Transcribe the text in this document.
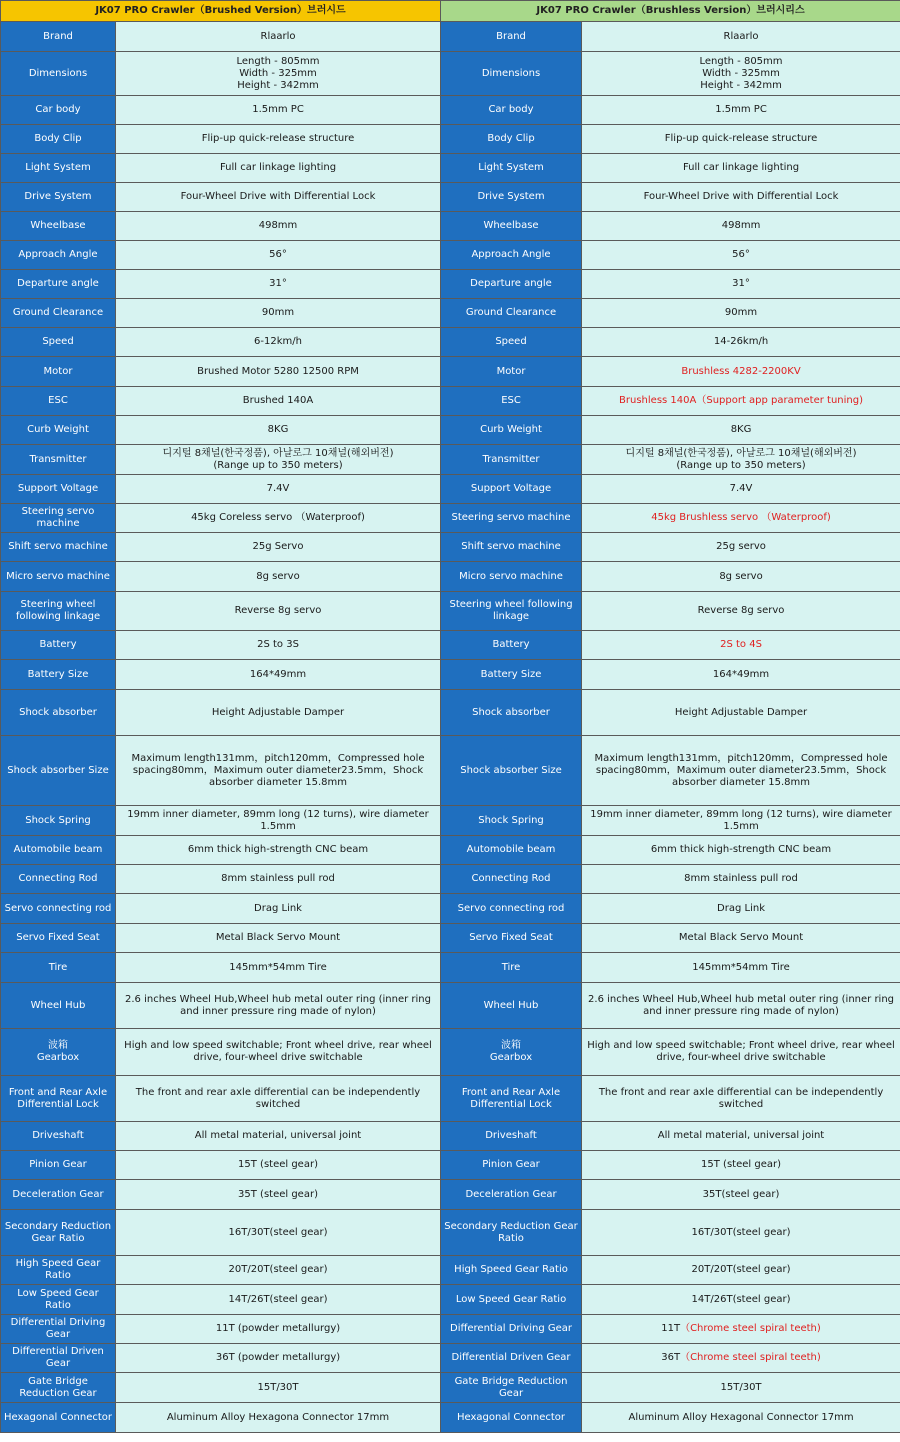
JK07 PRO Crawler（Brushed Version）브러시드		JK07 PRO Crawler（Brushless Version）브러시리스	

Brand	Rlaarlo	Brand	Rlaarlo

Dimensions	Length - 805mm
Width - 325mm
Height - 342mm	Dimensions	Length - 805mm
Width - 325mm
Height - 342mm

Car body	1.5mm PC	Car body	1.5mm PC

Body Clip	Flip-up quick-release structure	Body Clip	Flip-up quick-release structure

Light System	Full car linkage lighting	Light System	Full car linkage lighting

Drive System	Four-Wheel Drive with Differential Lock	Drive System	Four-Wheel Drive with Differential Lock

Wheelbase	498mm	Wheelbase	498mm

Approach Angle	56°	Approach Angle	56°

Departure angle	31°	Departure angle	31°

Ground Clearance	90mm	Ground Clearance	90mm

Speed	6-12km/h	Speed	14-26km/h

Motor	Brushed Motor 5280 12500 RPM	Motor	Brushless 4282-2200KV

ESC	Brushed 140A	ESC	Brushless 140A（Support app parameter tuning)

Curb Weight	8KG	Curb Weight	8KG

Transmitter	디지털 8채널(한국정품), 아날로그 10채널(해외버전)
(Range up to 350 meters)	Transmitter	디지털 8채널(한국정품), 아날로그 10채널(해외버전)
(Range up to 350 meters)

Support Voltage	7.4V	Support Voltage	7.4V

Steering servo machine	45kg Coreless servo （Waterproof)	Steering servo machine	45kg Brushless servo （Waterproof)

Shift servo machine	25g Servo	Shift servo machine	25g servo

Micro servo machine	8g servo	Micro servo machine	8g servo

Steering wheel following linkage	Reverse 8g servo	Steering wheel following linkage	Reverse 8g servo

Battery	2S to 3S	Battery	2S to 4S

Battery Size	164*49mm	Battery Size	164*49mm

Shock absorber	Height Adjustable Damper	Shock absorber	Height Adjustable Damper

Shock absorber Size	Maximum length131mm，pitch120mm，Compressed hole spacing80mm，Maximum outer diameter23.5mm，Shock absorber diameter 15.8mm	Shock absorber Size	Maximum length131mm，pitch120mm，Compressed hole spacing80mm，Maximum outer diameter23.5mm，Shock absorber diameter 15.8mm

Shock Spring	19mm inner diameter, 89mm long (12 turns), wire diameter 1.5mm	Shock Spring	19mm inner diameter, 89mm long (12 turns), wire diameter 1.5mm

Automobile beam	6mm thick high-strength CNC beam	Automobile beam	6mm thick high-strength CNC beam

Connecting Rod	8mm stainless pull rod	Connecting Rod	8mm stainless pull rod

Servo connecting rod	Drag Link	Servo connecting rod	Drag Link

Servo Fixed Seat	Metal Black Servo Mount	Servo Fixed Seat	Metal Black Servo Mount

Tire	145mm*54mm Tire	Tire	145mm*54mm Tire

Wheel Hub	2.6 inches Wheel Hub,Wheel hub metal outer ring (inner ring and inner pressure ring made of nylon)	Wheel Hub	2.6 inches Wheel Hub,Wheel hub metal outer ring (inner ring and inner pressure ring made of nylon)

波箱
Gearbox	High and low speed switchable; Front wheel drive, rear wheel drive, four-wheel drive switchable	波箱
Gearbox	High and low speed switchable; Front wheel drive, rear wheel drive, four-wheel drive switchable

Front and Rear Axle Differential Lock	The front and rear axle differential can be independently switched	Front and Rear Axle Differential Lock	The front and rear axle differential can be independently switched

Driveshaft	All metal material, universal joint	Driveshaft	All metal material, universal joint

Pinion Gear	15T (steel gear)	Pinion Gear	15T (steel gear)

Deceleration Gear	35T (steel gear)	Deceleration Gear	35T(steel gear)

Secondary Reduction Gear Ratio	16T/30T(steel gear)	Secondary Reduction Gear Ratio	16T/30T(steel gear)

High Speed Gear Ratio	20T/20T(steel gear)	High Speed Gear Ratio	20T/20T(steel gear)

Low Speed Gear Ratio	14T/26T(steel gear)	Low Speed Gear Ratio	14T/26T(steel gear)

Differential Driving Gear	11T (powder metallurgy)	Differential Driving Gear	11T（Chrome steel spiral teeth)

Differential Driven Gear	36T (powder metallurgy)	Differential Driven Gear	36T（Chrome steel spiral teeth)

Gate Bridge Reduction Gear	15T/30T	Gate Bridge Reduction Gear	15T/30T

Hexagonal Connector	Aluminum Alloy Hexagona Connector 17mm	Hexagonal Connector	Aluminum Alloy Hexagonal Connector 17mm
